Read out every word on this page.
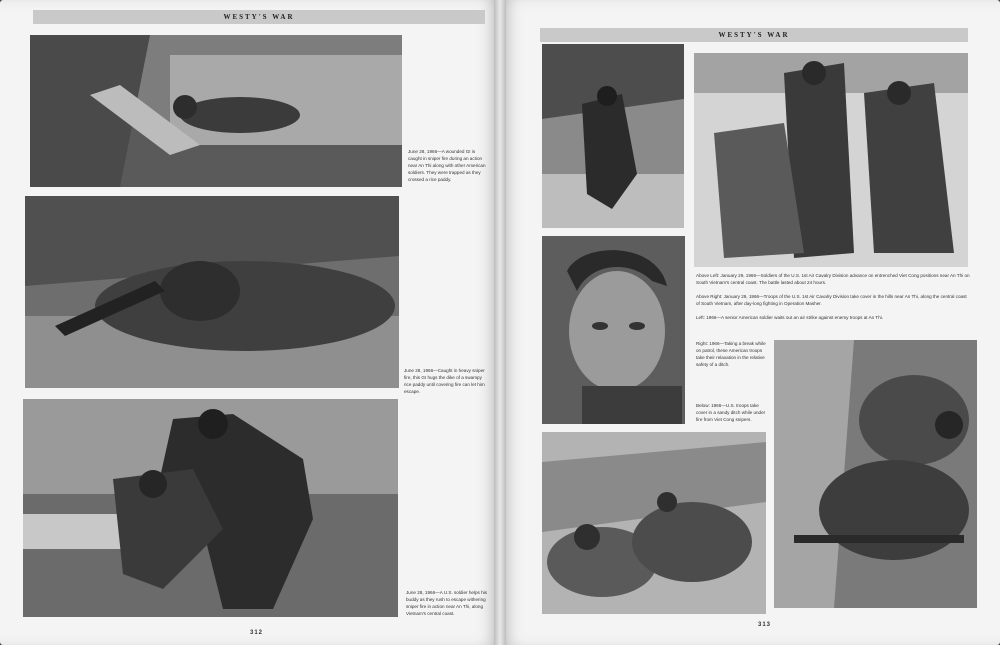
WESTY'S WAR
June 28, 1966—A wounded GI is caught in sniper fire during an action near An Thi along with other American soldiers. They were trapped as they crossed a rice paddy.
June 28, 1966—Caught in heavy sniper fire, this GI hugs the dike of a swampy rice paddy until covering fire can let him escape.
June 28, 1966—A U.S. soldier helps his buddy as they rush to escape withering sniper fire in action near An Thi, along Vietnam's central coast.
312
WESTY'S WAR
Above Left: January 29, 1966—Soldiers of the U.S. 1st Air Cavalry Division advance on entrenched Viet Cong positions near An Thi on South Vietnam's central coast. The battle lasted about 24 hours.
Above Right: January 29, 1966—Troops of the U.S. 1st Air Cavalry Division take cover in the hills near An Thi, along the central coast of South Vietnam, after day-long fighting in Operation Masher.
Left: 1966—A senior American soldier waits out an air strike against enemy troops at An Thi.
Right: 1966—Taking a break while on patrol, these American troops take their relaxation in the relative safety of a ditch.
Below: 1966—U.S. troops take cover in a sandy ditch while under fire from Viet Cong snipers.
313
